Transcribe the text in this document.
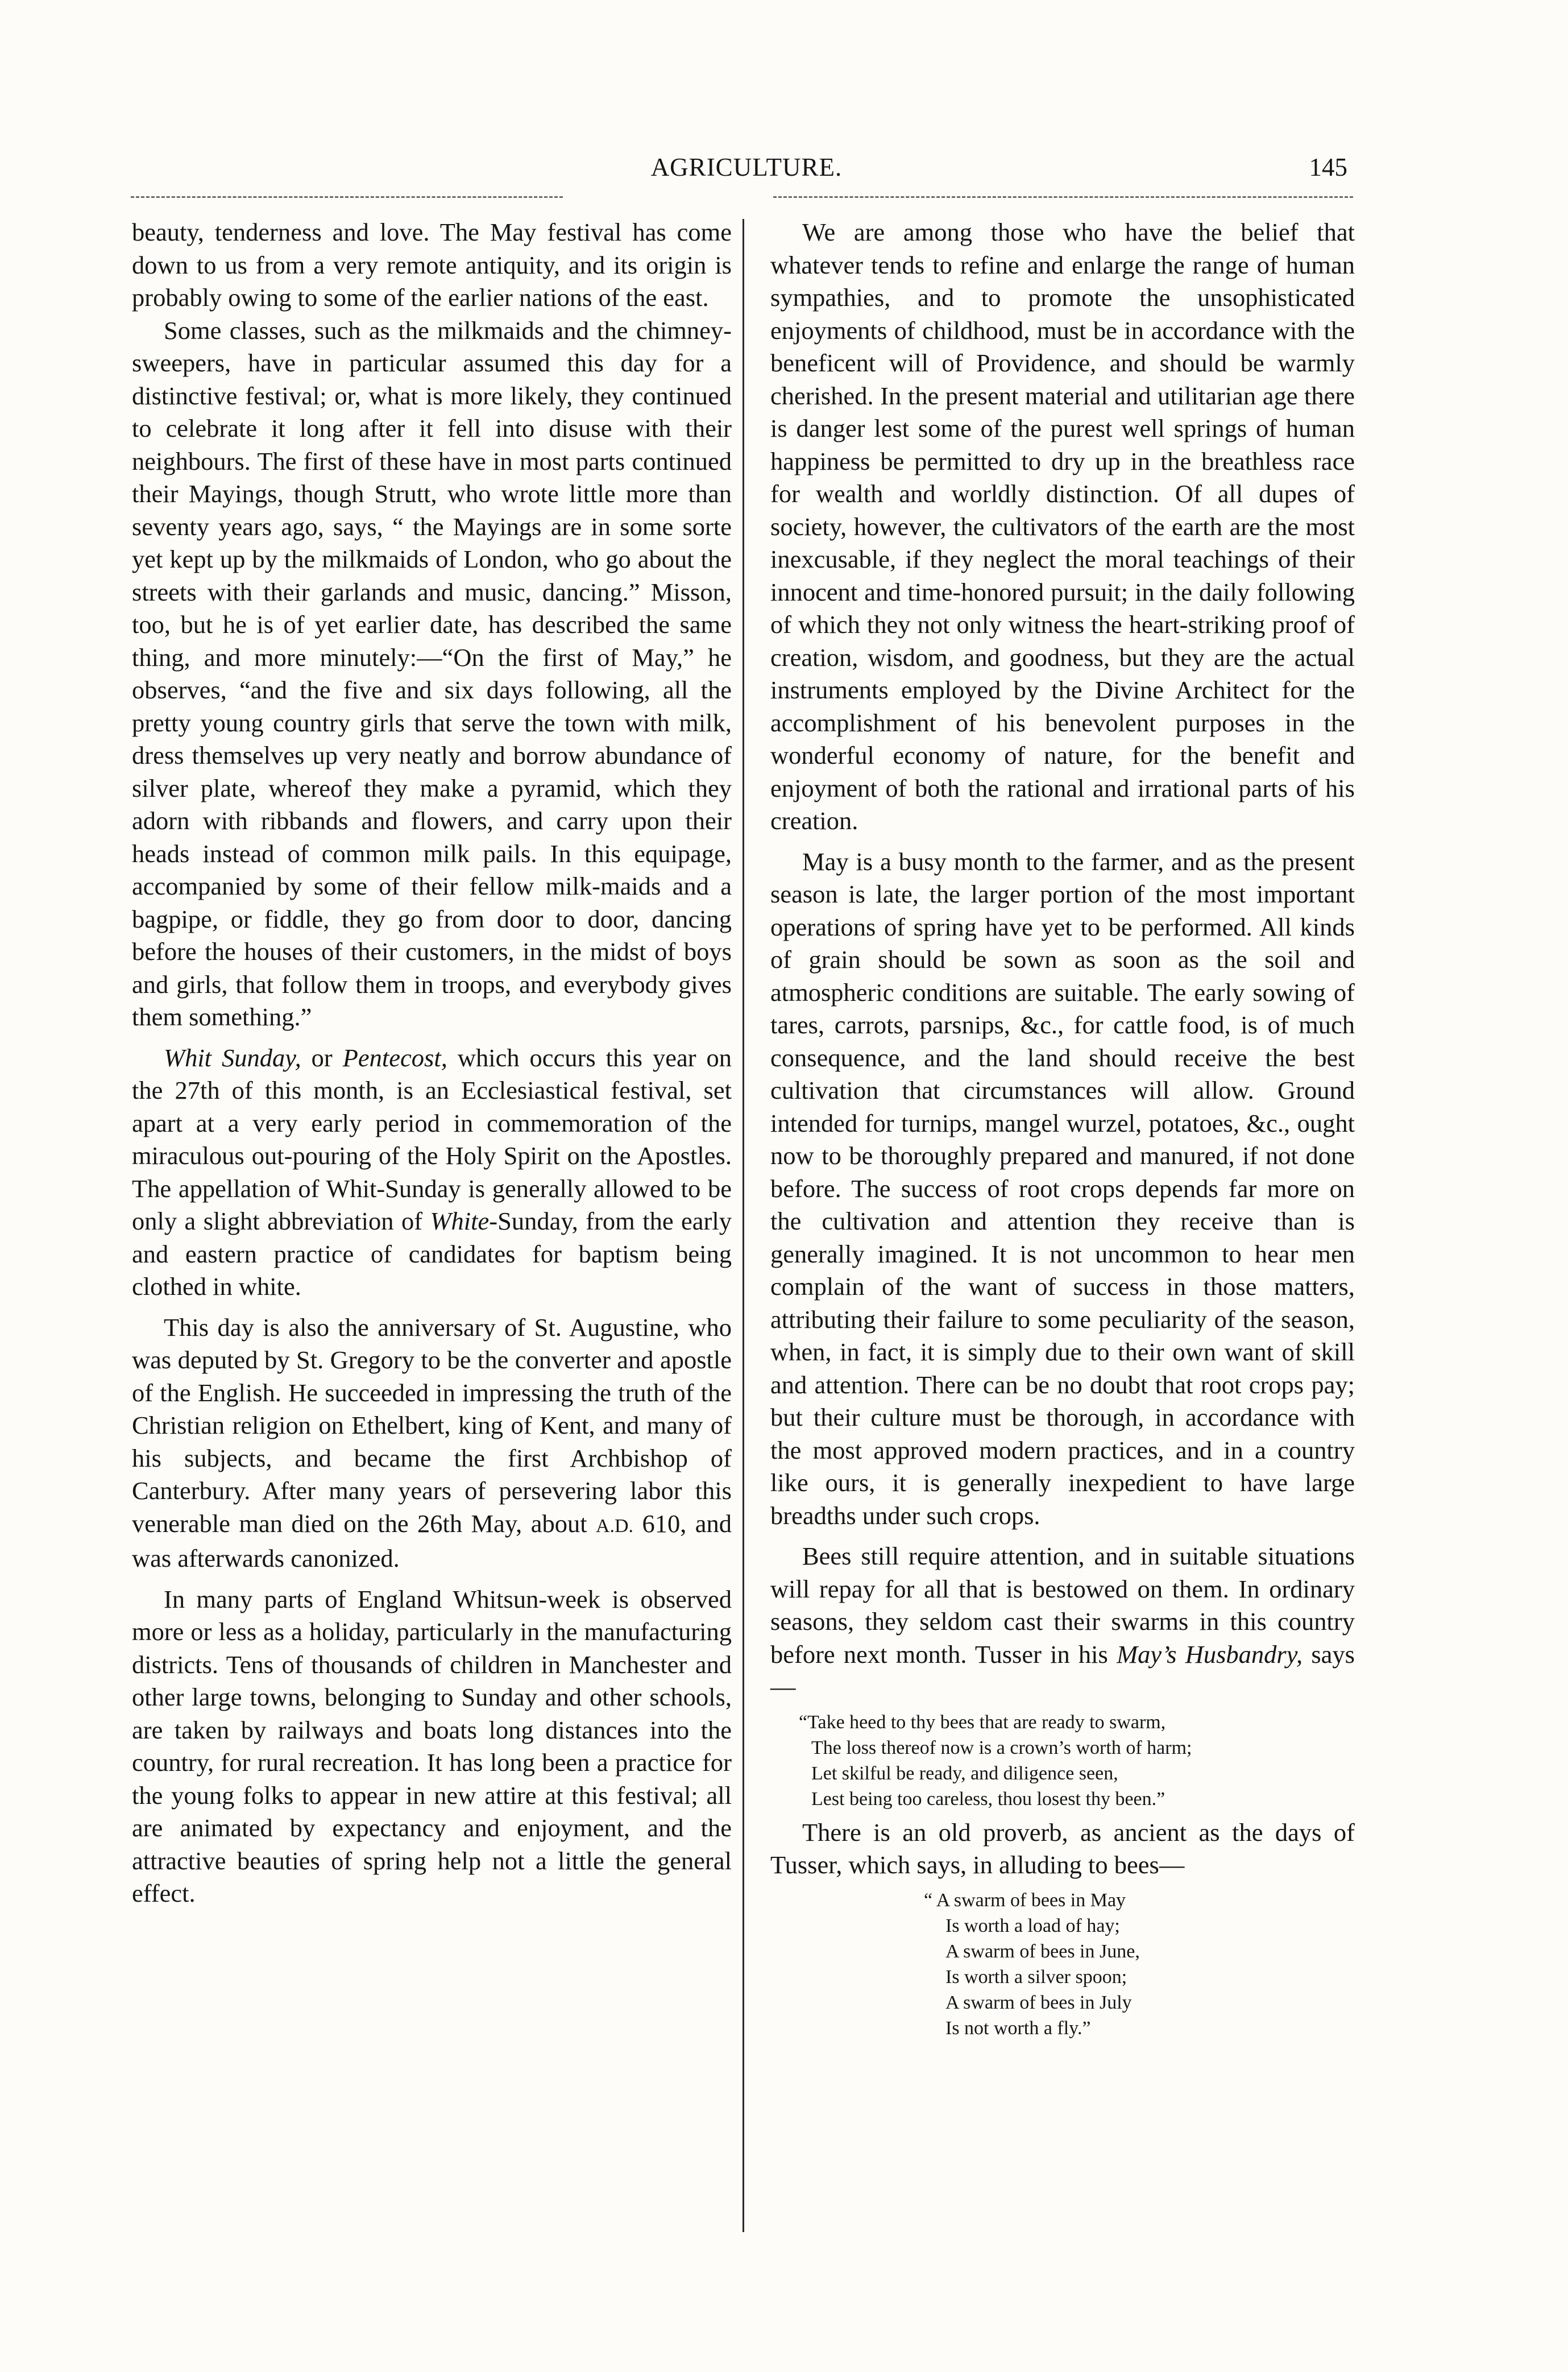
AGRICULTURE.	145

beauty, tenderness and love. The May festival has come down to us from a very remote antiquity, and its origin is probably owing to some of the earlier nations of the east.

Some classes, such as the milkmaids and the chimney-sweepers, have in particular assumed this day for a distinctive festival; or, what is more likely, they continued to celebrate it long after it fell into disuse with their neighbours. The first of these have in most parts continued their Mayings, though Strutt, who wrote little more than seventy years ago, says, “ the Mayings are in some sorte yet kept up by the milkmaids of London, who go about the streets with their garlands and music, dancing.” Misson, too, but he is of yet earlier date, has described the same thing, and more minutely:—“On the first of May,” he observes, “and the five and six days following, all the pretty young country girls that serve the town with milk, dress themselves up very neatly and borrow abundance of silver plate, whereof they make a pyramid, which they adorn with ribbands and flowers, and carry upon their heads instead of common milk pails. In this equipage, accompanied by some of their fellow milk-maids and a bagpipe, or fiddle, they go from door to door, dancing before the houses of their customers, in the midst of boys and girls, that follow them in troops, and everybody gives them something.”

Whit Sunday, or Pentecost, which occurs this year on the 27th of this month, is an Ecclesiastical festival, set apart at a very early period in commemoration of the miraculous out-pouring of the Holy Spirit on the Apostles. The appellation of Whit-Sunday is generally allowed to be only a slight abbreviation of White-Sunday, from the early and eastern practice of candidates for baptism being clothed in white.

This day is also the anniversary of St. Augustine, who was deputed by St. Gregory to be the converter and apostle of the English. He succeeded in impressing the truth of the Christian religion on Ethelbert, king of Kent, and many of his subjects, and became the first Archbishop of Canterbury. After many years of persevering labor this venerable man died on the 26th May, about A.D. 610, and was afterwards canonized.

In many parts of England Whitsun-week is observed more or less as a holiday, particularly in the manufacturing districts. Tens of thousands of children in Manchester and other large towns, belonging to Sunday and other schools, are taken by railways and boats long distances into the country, for rural recreation. It has long been a practice for the young folks to appear in new attire at this festival; all are animated by expectancy and enjoyment, and the attractive beauties of spring help not a little the general effect.

We are among those who have the belief that whatever tends to refine and enlarge the range of human sympathies, and to promote the unsophisticated enjoyments of childhood, must be in accordance with the beneficent will of Providence, and should be warmly cherished. In the present material and utilitarian age there is danger lest some of the purest well springs of human happiness be permitted to dry up in the breathless race for wealth and worldly distinction. Of all dupes of society, however, the cultivators of the earth are the most inexcusable, if they neglect the moral teachings of their innocent and time-honored pursuit; in the daily following of which they not only witness the heart-striking proof of creation, wisdom, and goodness, but they are the actual instruments employed by the Divine Architect for the accomplishment of his benevolent purposes in the wonderful economy of nature, for the benefit and enjoyment of both the rational and irrational parts of his creation.

May is a busy month to the farmer, and as the present season is late, the larger portion of the most important operations of spring have yet to be performed. All kinds of grain should be sown as soon as the soil and atmospheric conditions are suitable. The early sowing of tares, carrots, parsnips, &c., for cattle food, is of much consequence, and the land should receive the best cultivation that circumstances will allow. Ground intended for turnips, mangel wurzel, potatoes, &c., ought now to be thoroughly prepared and manured, if not done before. The success of root crops depends far more on the cultivation and attention they receive than is generally imagined. It is not uncommon to hear men complain of the want of success in those matters, attributing their failure to some peculiarity of the season, when, in fact, it is simply due to their own want of skill and attention. There can be no doubt that root crops pay; but their culture must be thorough, in accordance with the most approved modern practices, and in a country like ours, it is generally inexpedient to have large breadths under such crops.

Bees still require attention, and in suitable situations will repay for all that is bestowed on them. In ordinary seasons, they seldom cast their swarms in this country before next month. Tusser in his May’s Husbandry, says—

“Take heed to thy bees that are ready to swarm,
The loss thereof now is a crown’s worth of harm;
Let skilful be ready, and diligence seen,
Lest being too careless, thou losest thy been.”

There is an old proverb, as ancient as the days of Tusser, which says, in alluding to bees—

“ A swarm of bees in May
Is worth a load of hay;
A swarm of bees in June,
Is worth a silver spoon;
A swarm of bees in July
Is not worth a fly.”
